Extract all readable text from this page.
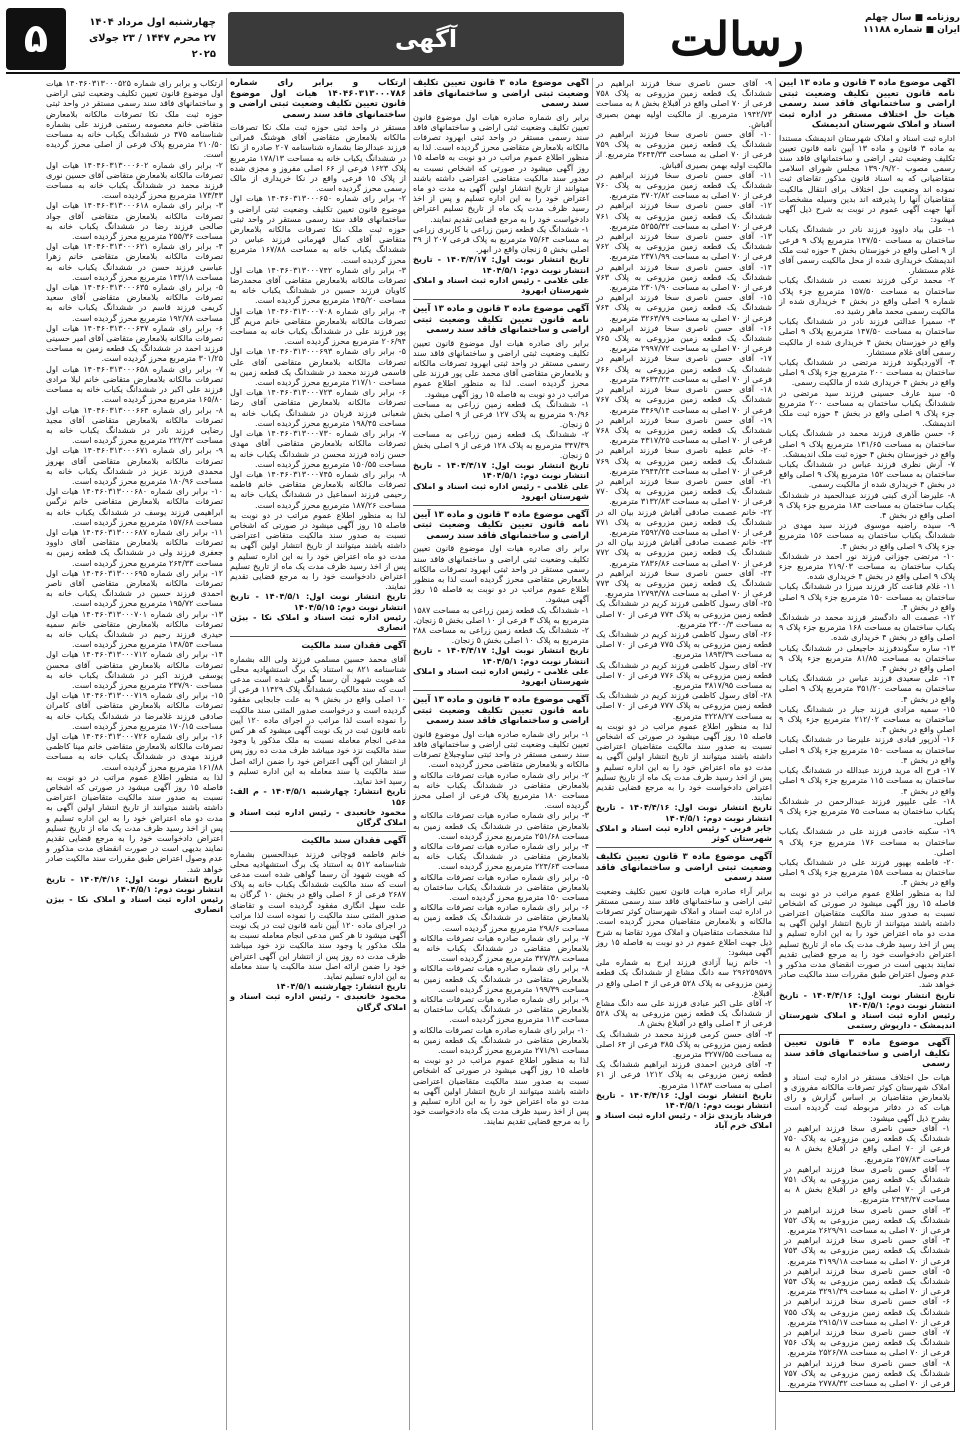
روزنامه ■ سال چهلم
ایران ■ شماره ۱۱۱۸۸
رسالت
آگهی
چهارشنبه اول مرداد ۱۴۰۴
۲۷ محرم ۱۴۴۷ / ۲۳ جولای ۲۰۲۵
۵
آگهی موضوع ماده ۳ قانون و ماده ۱۳ آیین نامه قانون تعیین تکلیف وضعیت ثبتی اراضی و ساختمانهای فاقد سند رسمی هیات حل اختلاف مستقر در اداره ثبت اسناد و املاک شهرستان اندیمشک

اداره ثبت اسناد و املاک شهرستان اندیمشک مستندا به ماده ۳ قانون و ماده ۱۳ آیین نامه قانون تعیین تکلیف وضعیت ثبتی اراضی و ساختمانهای فاقد سند رسمی مصوب ۱۳۹۰/۹/۲۰ مجلس شورای اسلامی متقاضیانی که به اسناد قانون مذکور تقاضای ثبت نموده اند وضعیت حل اختلاف برای انتقال مالکیت متقاضیان آنها را پذیرفته اند بدین وسیله مشخصات آنها جهت آگهی عموم در نوبت به شرح ذیل آگهی میشود:

۱- علی بیاد داوود فرزند نادر در ششدانگ یکباب ساختمان به مساحت ۱۴۷/۵۰ مترمربع پلاک ۹ فرعی از ۹ اصلی واقع در خوزستان بخش ۴ حوزه ثبت ملک اندیمشک خریداری شده از محل مالکیت رسمی آقای غلام مستشار.

۲- محمد ترکی فرزند نعمت در ششدانگ یکباب ساختمان به مساحت ۱۵۷/۵۰ مترمربع جزء پلاک شماره ۹ اصلی واقع در بخش ۴ خریداری شده از مالکیت رسمی محمد ماهر رشید ده.

۳- سمیرا عدالتی فرزند نادر در ششدانگ یکباب ساختمان به مساحت ۱۴۷/۵۰ مترمربع پلاک ۹ اصلی واقع در خوزستان بخش ۴ خریداری شده از مالکیت رسمی آقای غلام مستشار.

۴- آلاوردیگوند فرزند مرتضی در ششدانگ یکباب ساختمان به مساحت ۲۰۰ مترمربع جزء پلاک ۹ اصلی واقع در بخش ۴ خریداری شده از مالکیت رسمی.

۵- سید عارف حسینی فرزند سید مرتضی در ششدانگ یکباب ساختمان به مساحت ۲۰۰ مترمربع جزء پلاک ۹ اصلی واقع در بخش ۴ حوزه ثبت ملک اندیمشک.

۶- حسن طاهری فرزند محمد در ششدانگ یکباب ساختمان به مساحت ۱۳۱/۶۵ مترمربع پلاک ۹ اصلی واقع در خوزستان بخش ۴ حوزه ثبت ملک اندیمشک.

۷- آرش نظری فرزند عباس در ششدانگ یکباب ساختمان به مساحت ۱۵۲ مترمربع پلاک ۹ اصلی واقع در بخش ۴ خریداری شده از مالکیت رسمی.

۸- علیرضا آذری کبنی فرزند عبدالحمید در ششدانگ یکباب ساختمان به مساحت ۱۸۴ مترمربع جزء پلاک ۹ اصلی واقع در بخش ۴.

۹- سیده راضیه موسوی فرزند سید مهدی در ششدانگ یکباب ساختمان به مساحت ۱۵۶ مترمربع جزء پلاک ۹ اصلی واقع در بخش ۴.

۱۰- مرتضی جوزانی فرزند نور احمد در ششدانگ یکباب ساختمان به مساحت ۲۱۹/۰۳ مترمربع جزء پلاک ۹ اصلی واقع در بخش ۴ خریداری شده.

۱۱- غلام قناعت کار فرزند میرزا در ششدانگ یکباب ساختمان به مساحت ۱۵۰ مترمربع جزء پلاک ۹ اصلی واقع در بخش ۴.

۱۲- عصمت اله دادگستر فرزند محمد در ششدانگ یکباب ساختمان به مساحت ۱۶۸ مترمربع جزء پلاک ۹ اصلی واقع در بخش ۴ خریداری شده.

۱۳- ساره سگوندفرزند حاجیعلی در ششدانگ یکباب ساختمان به مساحت ۸۱/۸۵ مترمربع جزء پلاک ۹ اصلی واقع در بخش ۴.

۱۴- علی سعیدی فرزند عباس در ششدانگ یکباب ساختمان به مساحت ۳۵۱/۲۰ مترمربع پلاک ۹ اصلی واقع در بخش ۴.

۱۵- سمیه مرادی فرزند جبار در ششدانگ یکباب ساختمان به مساحت ۲۱۲/۰۲ مترمربع جزء پلاک ۹ اصلی واقع در بخش ۴.

۱۶- آذرپور قبادی فرزند علیرضا در ششدانگ یکباب ساختمان به مساحت ۱۵۰ مترمربع جزء پلاک ۹ اصلی واقع در بخش ۴.

۱۷- فرح اله مرید فرزند عبدالله در ششدانگ یکباب ساختمان به مساحت ۱۱۵ مترمربع جزء پلاک ۹ اصلی واقع در بخش ۴.

۱۸- علی علیپور فرزند عبدالرحمن در ششدانگ یکباب ساختمان به مساحت ۷۵ مترمربع جزء پلاک ۹ اصلی.

۱۹- سکینه خادمی فرزند علی در ششدانگ یکباب ساختمان به مساحت ۱۷۶ مترمربع جزء پلاک ۹ اصلی.

۲۰- فاطمه بهپور فرزند علی در ششدانگ یکباب ساختمان به مساحت ۱۵۸ مترمربع جزء پلاک ۹ اصلی واقع در بخش ۴.

لذا به منظور اطلاع عموم مراتب در دو نوبت به فاصله ۱۵ روز آگهی میشود در صورتی که اشخاص نسبت به صدور سند مالکیت متقاضیان اعتراضی داشته باشند میتوانند از تاریخ انتشار اولین آگهی به مدت دو ماه اعتراض خود را به این اداره تسلیم و پس از اخذ رسید ظرف مدت یک ماه از تاریخ تسلیم اعتراض دادخواست خود را به مرجع قضایی تقدیم نمایند بدیهی است در صورت انقضای مدت مذکور و عدم وصول اعتراض طبق مقررات سند مالکیت صادر خواهد شد.

تاریخ انتشار نوبت اول: ۱۴۰۴/۴/۱۶ - تاریخ انتشار نوبت دوم: ۱۴۰۴/۵/۱

رئیس اداره ثبت اسناد و املاک شهرستان اندیمشک - داریوش رستمی

آگهی موضوع ماده ۳ قانون تعیین تکلیف اراضی و ساختمانهای فاقد سند رسمی

هیات حل اختلاف مستقر در اداره ثبت اسناد و املاک شهرستان کوثر تصرفات مالکانه مفروزی و بلامعارض متقاضیان بر اساس گزارش و رای هیات که در دفاتر مربوطه ثبت گردیده است بشرح ذیل آگهی میشود:

۱- آقای حسن ناصری سخا فرزند ابراهیم در ششدانگ یک قطعه زمین مزروعی به پلاک ۷۵۰ فرعی از ۷۰ اصلی واقع در آقبلاغ بخش ۸ به مساحت ۲۵۷/۸۳ مترمربع.

۲- آقای حسن ناصری سخا فرزند ابراهیم در ششدانگ یک قطعه زمین مزروعی به پلاک ۷۵۱ فرعی از ۷۰ اصلی واقع در آقبلاغ بخش ۸ به مساحت ۲۴۹۳/۴۷ مترمربع.

۳- آقای حسن ناصری سخا فرزند ابراهیم در ششدانگ یک قطعه زمین مزروعی به پلاک ۷۵۲ فرعی از ۷۰ اصلی به مساحت ۲۶۲۹/۹۱ مترمربع.

۴- آقای حسن ناصری سخا فرزند ابراهیم در ششدانگ یک قطعه زمین مزروعی به پلاک ۷۵۳ فرعی از ۷۰ اصلی به مساحت ۴۱۹۹/۱۸ مترمربع.

۵- آقای حسن ناصری سخا فرزند ابراهیم در ششدانگ یک قطعه زمین مزروعی به پلاک ۷۵۴ فرعی از ۷۰ اصلی به مساحت ۳۲۹۱/۳۹ مترمربع.

۶- آقای حسن ناصری سخا فرزند ابراهیم در ششدانگ یک قطعه زمین مزروعی به پلاک ۷۵۵ فرعی از ۷۰ اصلی به مساحت ۲۹۱۵/۱۷ مترمربع.

۷- آقای حسن ناصری سخا فرزند ابراهیم در ششدانگ یک قطعه زمین مزروعی به پلاک ۷۵۶ فرعی از ۷۰ اصلی به مساحت ۲۵۲۶/۷۸ مترمربع.

۸- آقای حسن ناصری سخا فرزند ابراهیم در ششدانگ یک قطعه زمین مزروعی به پلاک ۷۵۷ فرعی از ۷۰ اصلی به مساحت ۲۷۷۸/۳۲ مترمربع.

۹- آقای حسن ناصری سخا فرزند ابراهیم در ششدانگ یک قطعه زمین مزروعی به پلاک ۷۵۸ فرعی از ۷۰ اصلی واقع در آقبلاغ بخش ۸ به مساحت ۱۹۴۲/۷۳ مترمربع. از مالکیت اولیه بهمن بصیری آقباش.

۱۰- آقای حسن ناصری سخا فرزند ابراهیم در ششدانگ یک قطعه زمین مزروعی به پلاک ۷۵۹ فرعی از ۷۰ اصلی به مساحت ۳۶۴۴/۳۳ مترمربع. از مالکیت اولیه بهمن بصیری آقباش.

۱۱- آقای حسن ناصری سخا فرزند ابراهیم در ششدانگ یک قطعه زمین مزروعی به پلاک ۷۶۰ فرعی از ۷۰ اصلی به مساحت ۳۷۰۲/۸۲ مترمربع.

۱۲- آقای حسن ناصری سخا فرزند ابراهیم در ششدانگ یک قطعه زمین مزروعی به پلاک ۷۶۱ فرعی از ۷۰ اصلی به مساحت ۵۲۵۵/۳۲ مترمربع.

۱۳- آقای حسن ناصری سخا فرزند ابراهیم در ششدانگ یک قطعه زمین مزروعی به پلاک ۷۶۲ فرعی از ۷۰ اصلی به مساحت ۲۳۷۱/۹۹ مترمربع.

۱۴- آقای حسن ناصری سخا فرزند ابراهیم در ششدانگ یک قطعه زمین مزروعی به پلاک ۷۶۳ فرعی از ۷۰ اصلی به مساحت ۲۳۰۱/۹۰ مترمربع.

۱۵- آقای حسن ناصری سخا فرزند ابراهیم در ششدانگ یک قطعه زمین مزروعی به پلاک ۷۶۴ فرعی از ۷۰ اصلی به مساحت ۳۲۶۳/۷۹ مترمربع.

۱۶- آقای حسن ناصری سخا فرزند ابراهیم در ششدانگ یک قطعه زمین مزروعی به پلاک ۷۶۵ فرعی از ۷۰ اصلی به مساحت ۲۹۹۷/۷۲ مترمربع.

۱۷- آقای حسن ناصری سخا فرزند ابراهیم در ششدانگ یک قطعه زمین مزروعی به پلاک ۷۶۶ فرعی از ۷۰ اصلی به مساحت ۳۶۳۴/۲۴ مترمربع.

۱۸- آقای حسن ناصری سخا فرزند ابراهیم در ششدانگ یک قطعه زمین مزروعی به پلاک ۷۶۷ فرعی از ۷۰ اصلی به مساحت ۳۴۶۹/۱۴ مترمربع.

۱۹- آقای حسن ناصری سخا فرزند ابراهیم در ششدانگ یک قطعه زمین مزروعی به پلاک ۷۶۸ فرعی از ۷۰ اصلی به مساحت ۴۳۱۷/۲۵ مترمربع.

۲۰- خانم عطیه ناصری سخا فرزند ابراهیم در ششدانگ یک قطعه زمین مزروعی به پلاک ۷۶۹ فرعی از ۷۰ اصلی به مساحت ۲۹۴۴/۲۴ مترمربع.

۲۱- آقای حسن ناصری سخا فرزند ابراهیم در ششدانگ یک قطعه زمین مزروعی به پلاک ۷۷۰ فرعی از ۷۰ اصلی به مساحت ۳۱۳۲/۸۳ مترمربع.

۲۲- خانم عصمت صادقی آقباش فرزند بیان اله در ششدانگ یک قطعه زمین مزروعی به پلاک ۷۷۱ فرعی از ۷۰ اصلی به مساحت ۲۵۹۲/۷۵ مترمربع.

۲۳- خانم عصمت صادقی آقباش فرزند بیان اله در ششدانگ یک قطعه زمین مزروعی به پلاک ۷۷۲ فرعی از ۷۰ اصلی به مساحت ۲۸۳۶/۸۶ مترمربع.

۲۴- آقای حسن ناصری سخا فرزند ابراهیم در ششدانگ یک قطعه زمین مزروعی به پلاک ۷۷۳ فرعی از ۷۰ اصلی به مساحت ۱۲۷۹۳/۷۸ مترمربع.

۲۵- آقای رسول کاظمی فرزند کریم در ششدانگ یک قطعه زمین مزروعی به پلاک ۷۷۴ فرعی از ۷۰ اصلی به مساحت ۲۳۰۰/۳ مترمربع.

۲۶- آقای رسول کاظمی فرزند کریم در ششدانگ یک قطعه زمین مزروعی به پلاک ۷۷۵ فرعی از ۷۰ اصلی به مساحت ۱۸۹۳/۳۹ مترمربع.

۲۷- آقای رسول کاظمی فرزند کریم در ششدانگ یک قطعه زمین مزروعی به پلاک ۷۷۶ فرعی از ۷۰ اصلی به مساحت ۳۸۱۷/۹۵ مترمربع.

۲۸- آقای رسول کاظمی فرزند کریم در ششدانگ یک قطعه زمین مزروعی به پلاک ۷۷۷ فرعی از ۷۰ اصلی به مساحت ۴۲۲۸/۲۷ مترمربع.

لذا به منظور اطلاع عموم مراتب در دو نوبت به فاصله ۱۵ روز آگهی میشود در صورتی که اشخاص نسبت به صدور سند مالکیت متقاضیان اعتراضی داشته باشند میتوانند از تاریخ انتشار اولین آگهی به مدت دو ماه اعتراض خود را به این اداره تسلیم و پس از اخذ رسید ظرف مدت یک ماه از تاریخ تسلیم اعتراض دادخواست خود را به مرجع قضایی تقدیم نمایند.

تاریخ انتشار نوبت اول: ۱۴۰۴/۴/۱۶ - تاریخ انتشار نوبت دوم: ۱۴۰۴/۵/۱

جابر قربی - رئیس اداره ثبت اسناد و املاک شهرستان کوثر

آگهی موضوع ماده ۳ قانون تعیین تکلیف وضعیت ثبتی اراضی و ساختمانهای فاقد سند رسمی

برابر آراء صادره هیات قانون تعیین تکلیف وضعیت ثبتی اراضی و ساختمانهای فاقد سند رسمی مستقر در اداره ثبت اسناد و املاک شهرستان کوثر تصرفات مالکانه و بلامعارض متقاضیان محرز گردیده است. لذا مشخصات متقاضیان و املاک مورد تقاضا به شرح ذیل جهت اطلاع عموم در دو نوبت به فاصله ۱۵ روز آگهی میشود:

۱- خانم زیبا آزادی فرزند ایرج به شماره ملی ۲۹۶۲۵۹۵۷۹ سه دانگ مشاع از ششدانگ یک قطعه زمین مزروعی به پلاک ۵۲۸ فرعی از ۴ اصلی واقع در آقبلاغ.

۲- آقای علی اکبر عبادی فرزند علی سه دانگ مشاع از ششدانگ یک قطعه زمین مزروعی به پلاک ۵۲۸ فرعی از ۴ اصلی واقع در آقبلاغ بخش ۸.

۳- آقای حسن کرمی فرزند محمد در ششدانگ یک قطعه زمین مزروعی به پلاک ۳۸۵ فرعی از ۶۴ اصلی به مساحت ۳۲۷۷/۵۵ مترمربع.

۴- آقای فردین احمدی فرزند ابراهیم ششدانگ یک قطعه زمین مزروعی به پلاک ۱۲۱۲ فرعی از ۶۱ اصلی به مساحت ۱۱۳۸۳ مترمربع.

تاریخ انتشار نوبت اول: ۱۴۰۴/۴/۱۶ - تاریخ انتشار نوبت دوم: ۱۴۰۴/۵/۱

فرشاد بازیدی نژاد - رئیس اداره ثبت اسناد و املاک خرم آباد

آگهی موضوع ماده ۳ قانون تعیین تکلیف وضعیت ثبتی اراضی و ساختمانهای فاقد سند رسمی

برابر رای شماره صادره هیات اول موضوع قانون تعیین تکلیف وضعیت ثبتی اراضی و ساختمانهای فاقد سند رسمی مستقر در واحد ثبتی ابهرود تصرفات مالکانه بلامعارض متقاضی محرز گردیده است. لذا به منظور اطلاع عموم مراتب در دو نوبت به فاصله ۱۵ روز آگهی میشود در صورتی که اشخاص نسبت به صدور سند مالکیت متقاضی اعتراضی داشته باشند میتوانند از تاریخ انتشار اولین آگهی به مدت دو ماه اعتراض خود را به این اداره تسلیم و پس از اخذ رسید ظرف مدت یک ماه از تاریخ تسلیم اعتراض دادخواست خود را به مرجع قضایی تقدیم نمایند.

۱- ششدانگ یک قطعه زمین زراعی با کاربری زراعی به مساحت ۷۵/۶۴ مترمربع به پلاک فرعی ۲۰۷ از ۴۹ اصلی بخش ۵ زنجان واقع در ابهر.

تاریخ انتشار نوبت اول: ۱۴۰۴/۴/۱۷ - تاریخ انتشار نوبت دوم: ۱۴۰۴/۵/۱

علی غلامی - رئیس اداره ثبت اسناد و املاک شهرستان ابهرود

آگهی موضوع ماده ۳ قانون و ماده ۱۳ آیین نامه قانون تعیین تکلیف وضعیت ثبتی اراضی و ساختمانهای فاقد سند رسمی

برابر رای صادره هیات اول موضوع قانون تعیین تکلیف وضعیت ثبتی اراضی و ساختمانهای فاقد سند رسمی مستقر در واحد ثبتی ابهرود تصرفات مالکانه و بلامعارض متقاضی آقای محمد علی پور فرزند علی محرز گردیده است. لذا به منظور اطلاع عموم مراتب در دو نوبت به فاصله ۱۵ روز آگهی میشود.

۱- ششدانگ یک قطعه زمین زراعی به مساحت ۹۰/۹۶ مترمربع به پلاک ۱۲۷ فرعی از ۹ اصلی بخش ۵ زنجان.

۲- ششدانگ یک قطعه زمین زراعی به مساحت ۳۴۷/۳۹ مترمربع به پلاک ۱۲۸ فرعی از ۹ اصلی بخش ۵ زنجان.

تاریخ انتشار نوبت اول: ۱۴۰۴/۴/۱۷ - تاریخ انتشار نوبت دوم: ۱۴۰۴/۵/۱

علی غلامی - رئیس اداره ثبت اسناد و املاک شهرستان ابهرود

آگهی موضوع ماده ۳ قانون و ماده ۱۳ آیین نامه قانون تعیین تکلیف وضعیت ثبتی اراضی و ساختمانهای فاقد سند رسمی

برابر رای صادره هیات اول موضوع قانون تعیین تکلیف وضعیت ثبتی اراضی و ساختمانهای فاقد سند رسمی مستقر در واحد ثبتی ابهرود تصرفات مالکانه بلامعارض متقاضی محرز گردیده است لذا به منظور اطلاع عموم مراتب در دو نوبت به فاصله ۱۵ روز آگهی میشود.

۱- ششدانگ یک قطعه زمین زراعی به مساحت ۱۵۸۷ مترمربع به پلاک ۳ فرعی از ۱۰ اصلی بخش ۵ زنجان.

۲- ششدانگ یک قطعه زمین زراعی به مساحت ۲۸۸ مترمربع به پلاک ۱۰ اصلی بخش ۵ زنجان.

تاریخ انتشار نوبت اول: ۱۴۰۴/۴/۱۷ - تاریخ انتشار نوبت دوم: ۱۴۰۴/۵/۱

علی غلامی - رئیس اداره ثبت اسناد و املاک شهرستان ابهرود

آگهی موضوع ماده ۳ قانون و ماده ۱۳ آیین نامه قانون تعیین تکلیف وضعیت ثبتی اراضی و ساختمانهای فاقد سند رسمی

۱- برابر رای شماره صادره هیات اول موضوع قانون تعیین تکلیف وضعیت ثبتی اراضی و ساختمانهای فاقد سند رسمی مستقر در واحد ثبتی ساوجبلاغ تصرفات مالکانه و بلامعارض متقاضی محرز گردیده است.

۲- برابر رای شماره صادره هیات تصرفات مالکانه و بلامعارض متقاضی در ششدانگ یکباب خانه به مساحت ۱۸۰ مترمربع پلاک فرعی از اصلی محرز گردیده است.

۳- برابر رای شماره صادره هیات تصرفات مالکانه و بلامعارض متقاضی در ششدانگ یک قطعه زمین به مساحت ۲۵۱/۶۸ مترمربع محرز گردیده است.

۴- برابر رای شماره صادره هیات تصرفات مالکانه و بلامعارض متقاضی در ششدانگ یکباب خانه به مساحت ۲۲۴/۶۳ مترمربع محرز گردیده است.

۵- برابر رای شماره صادره هیات تصرفات مالکانه و بلامعارض متقاضی در ششدانگ یکباب ساختمان به مساحت ۱۵۰ مترمربع محرز گردیده است.

۶- برابر رای شماره صادره هیات تصرفات مالکانه و بلامعارض متقاضی در ششدانگ یک قطعه زمین به مساحت ۲۹۸/۶ مترمربع محرز گردیده است.

۷- برابر رای شماره صادره هیات تصرفات مالکانه و بلامعارض متقاضی در ششدانگ یکباب خانه به مساحت ۳۲۷/۳۸ مترمربع محرز گردیده است.

۸- برابر رای شماره صادره هیات تصرفات مالکانه و بلامعارض متقاضی در ششدانگ یک قطعه زمین به مساحت ۱۹۹/۳۹ مترمربع محرز گردیده است.

۹- برابر رای شماره صادره هیات تصرفات مالکانه و بلامعارض متقاضی در ششدانگ یکباب ساختمان به مساحت ۱۱۳ مترمربع محرز گردیده است.

۱۰- برابر رای شماره صادره هیات تصرفات مالکانه و بلامعارض متقاضی در ششدانگ یک قطعه زمین به مساحت ۲۷۱/۹۱ مترمربع محرز گردیده است.

لذا به منظور اطلاع عموم مراتب در دو نوبت به فاصله ۱۵ روز آگهی میشود در صورتی که اشخاص نسبت به صدور سند مالکیت متقاضیان اعتراضی داشته باشند میتوانند از تاریخ انتشار اولین آگهی به مدت دو ماه اعتراض خود را به این اداره تسلیم و پس از اخذ رسید ظرف مدت یک ماه دادخواست خود را به مرجع قضایی تقدیم نمایند.

ارتکاب و برابر رای شماره ۱۴۰۴۶۰۳۱۳۰۰۰۷۸۶ هیات اول موضوع قانون تعیین تکلیف وضعیت ثبتی اراضی و ساختمانهای فاقد سند رسمی

مستقر در واحد ثبتی حوزه ثبت ملک نکا تصرفات مالکانه بلامعارض متقاضی آقای هوشنگ قمرانی فرزند عبدالرضا بشماره شناسنامه ۲۰۷ صادره از نکا در ششدانگ یکباب خانه به مساحت ۱۷۸/۱۳ مترمربع پلاک ۱۶۲۳ فرعی از ۶۶ اصلی مفروز و مجزی شده از پلاک ۱۵ فرعی واقع در نکا خریداری از مالک رسمی محرز گردیده است.

۲- برابر رای شماره ۱۴۰۴۶۰۳۱۳۰۰۰۶۵۰ هیات اول موضوع قانون تعیین تکلیف وضعیت ثبتی اراضی و ساختمانهای فاقد سند رسمی مستقر در واحد ثبتی حوزه ثبت ملک نکا تصرفات مالکانه بلامعارض متقاضی آقای کمال قهرمانی فرزند عباس در ششدانگ یکباب خانه به مساحت ۱۶۷/۸۸ مترمربع محرز گردیده است.

۳- برابر رای شماره ۱۴۰۴۶۰۳۱۳۰۰۰۷۴۲ هیات اول تصرفات مالکانه بلامعارض متقاضی آقای محمدرضا کاویان فرزند حسین در ششدانگ یکباب خانه به مساحت ۱۴۵/۲۰ مترمربع محرز گردیده است.

۴- برابر رای شماره ۱۴۰۴۶۰۳۱۳۰۰۰۷۰۸ هیات اول تصرفات مالکانه بلامعارض متقاضی خانم مریم گل پور فرزند علی در ششدانگ یکباب خانه به مساحت ۲۰۶/۹۴ مترمربع محرز گردیده است.

۵- برابر رای شماره ۱۴۰۴۶۰۳۱۳۰۰۰۶۹۳ هیات اول تصرفات مالکانه بلامعارض متقاضی آقای علی قاسمی فرزند محمد در ششدانگ یک قطعه زمین به مساحت ۲۱۷/۱۰ مترمربع محرز گردیده است.

۶- برابر رای شماره ۱۴۰۴۶۰۳۱۳۰۰۰۷۲۳ هیات اول تصرفات مالکانه بلامعارض متقاضی آقای رضا شعبانی فرزند قربان در ششدانگ یکباب خانه به مساحت ۱۹۸/۴۵ مترمربع محرز گردیده است.

۷- برابر رای شماره ۱۴۰۴۶۰۳۱۳۰۰۰۷۳۰ هیات اول تصرفات مالکانه بلامعارض متقاضی آقای مهدی حسن زاده فرزند محسن در ششدانگ یکباب خانه به مساحت ۱۵۰/۵۵ مترمربع محرز گردیده است.

۸- برابر رای شماره ۱۴۰۴۶۰۳۱۳۰۰۰۷۴۵ هیات اول تصرفات مالکانه بلامعارض متقاضی خانم فاطمه رحیمی فرزند اسماعیل در ششدانگ یکباب خانه به مساحت ۱۸۷/۲۶ مترمربع محرز گردیده است.

لذا به منظور اطلاع عموم مراتب در دو نوبت به فاصله ۱۵ روز آگهی میشود در صورتی که اشخاص نسبت به صدور سند مالکیت متقاضی اعتراضی داشته باشند میتوانند از تاریخ انتشار اولین آگهی به مدت دو ماه اعتراض خود را به این اداره تسلیم و پس از اخذ رسید ظرف مدت یک ماه از تاریخ تسلیم اعتراض دادخواست خود را به مرجع قضایی تقدیم نمایند.

تاریخ انتشار نوبت اول: ۱۴۰۴/۵/۱ - تاریخ انتشار نوبت دوم: ۱۴۰۴/۵/۱۵

رئیس اداره ثبت اسناد و املاک نکا - بیژن انصاری

آگهی فقدان سند مالکیت

آقای محمد حسین مسلمی فرزند ولی الله بشماره شناسنامه ۸۲۱ به استناد یک برگ استشهادیه محلی که هویت شهود آن رسما گواهی شده است مدعی است که سند مالکیت ششدانگ پلاک ۱۱۴۲۹ فرعی از ۱۰ اصلی واقع در بخش ۹ به علت جابجایی مفقود گردیده است و درخواست صدور المثنی سند مالکیت را نموده است لذا مراتب در اجرای ماده ۱۲۰ آیین نامه قانون ثبت در یک نوبت آگهی میشود که هر کس مدعی انجام معامله نسبت به ملک مذکور یا وجود سند مالکیت نزد خود میباشد ظرف مدت ده روز پس از انتشار این آگهی اعتراض خود را ضمن ارائه اصل سند مالکیت یا سند معامله به این اداره تسلیم و رسید اخذ نماید.

تاریخ انتشار: چهارشنبه ۱۴۰۴/۵/۱ - م الف: ۱۵۶

محمود خانعبدی - رئیس اداره ثبت اسناد و املاک گرگان

آگهی فقدان سند مالکیت

خانم فاطمه قوچانی فرزند عبدالحسین بشماره شناسنامه ۵۱۲ به استناد یک برگ استشهادیه محلی که هویت شهود آن رسما گواهی شده است مدعی است که سند مالکیت ششدانگ یکباب خانه به پلاک ۲۶۸۷ فرعی از ۶ اصلی واقع در بخش ۱۰ گرگان به علت سهل انگاری مفقود گردیده است و تقاضای صدور المثنی سند مالکیت را نموده است لذا مراتب در اجرای ماده ۱۲۰ آیین نامه قانون ثبت در یک نوبت آگهی میشود تا هر کس مدعی انجام معامله نسبت به ملک مذکور یا وجود سند مالکیت نزد خود میباشد ظرف مدت ده روز پس از انتشار این آگهی اعتراض خود را ضمن ارائه اصل سند مالکیت یا سند معامله به این اداره تسلیم نماید.

تاریخ انتشار: چهارشنبه ۱۴۰۴/۵/۱

محمود خانعبدی - رئیس اداره ثبت اسناد و املاک گرگان

ارتکاب و برابر رای شماره ۱۴۰۴۶۰۳۱۳۰۰۰۵۲۵ هیات اول موضوع قانون تعیین تکلیف وضعیت ثبتی اراضی و ساختمانهای فاقد سند رسمی مستقر در واحد ثبتی حوزه ثبت ملک نکا تصرفات مالکانه بلامعارض متقاضی خانم معصومه رستمی فرزند علی بشماره شناسنامه ۴۷۵ در ششدانگ یکباب خانه به مساحت ۲۱۰/۵۰ مترمربع پلاک فرعی از اصلی محرز گردیده است.

۲- برابر رای شماره ۱۴۰۴۶۰۳۱۳۰۰۰۶۰۲ هیات اول تصرفات مالکانه بلامعارض متقاضی آقای حسین نوری فرزند محمد در ششدانگ یکباب خانه به مساحت ۱۷۳/۴۳ مترمربع محرز گردیده است.

۳- برابر رای شماره ۱۴۰۴۶۰۳۱۳۰۰۰۶۱۸ هیات اول تصرفات مالکانه بلامعارض متقاضی آقای جواد صالحی فرزند رضا در ششدانگ یکباب خانه به مساحت ۲۵۵/۳۶ مترمربع محرز گردیده است.

۴- برابر رای شماره ۱۴۰۴۶۰۳۱۳۰۰۰۶۲۱ هیات اول تصرفات مالکانه بلامعارض متقاضی خانم زهرا عباسی فرزند حسن در ششدانگ یکباب خانه به مساحت ۱۴۳/۱۸ مترمربع محرز گردیده است.

۵- برابر رای شماره ۱۴۰۴۶۰۳۱۳۰۰۰۶۳۵ هیات اول تصرفات مالکانه بلامعارض متقاضی آقای سعید کریمی فرزند قاسم در ششدانگ یکباب خانه به مساحت ۱۹۲/۷۸ مترمربع محرز گردیده است.

۶- برابر رای شماره ۱۴۰۴۶۰۳۱۳۰۰۰۶۴۷ هیات اول تصرفات مالکانه بلامعارض متقاضی آقای امیر حسینی فرزند احمد در ششدانگ یک قطعه زمین به مساحت ۳۰۱/۲۵ مترمربع محرز گردیده است.

۷- برابر رای شماره ۱۴۰۴۶۰۳۱۳۰۰۰۶۵۸ هیات اول تصرفات مالکانه بلامعارض متقاضی خانم لیلا مرادی فرزند علی اکبر در ششدانگ یکباب خانه به مساحت ۱۶۵/۸۰ مترمربع محرز گردیده است.

۸- برابر رای شماره ۱۴۰۴۶۰۳۱۳۰۰۰۶۶۴ هیات اول تصرفات مالکانه بلامعارض متقاضی آقای مجید رضایی فرزند نادر در ششدانگ یکباب خانه به مساحت ۲۲۲/۴۲ مترمربع محرز گردیده است.

۹- برابر رای شماره ۱۴۰۴۶۰۳۱۳۰۰۰۶۷۱ هیات اول تصرفات مالکانه بلامعارض متقاضی آقای بهروز محمدی فرزند عزیز در ششدانگ یکباب خانه به مساحت ۱۸۰/۹۶ مترمربع محرز گردیده است.

۱۰- برابر رای شماره ۱۴۰۴۶۰۳۱۳۰۰۰۶۸۰ هیات اول تصرفات مالکانه بلامعارض متقاضی خانم نرگس ابراهیمی فرزند یوسف در ششدانگ یکباب خانه به مساحت ۱۵۷/۶۸ مترمربع محرز گردیده است.

۱۱- برابر رای شماره ۱۴۰۴۶۰۳۱۳۰۰۰۶۸۷ هیات اول تصرفات مالکانه بلامعارض متقاضی آقای داوود جعفری فرزند ولی در ششدانگ یک قطعه زمین به مساحت ۲۶۴/۳۳ مترمربع محرز گردیده است.

۱۲- برابر رای شماره ۱۴۰۴۶۰۳۱۳۰۰۰۶۹۵ هیات اول تصرفات مالکانه بلامعارض متقاضی آقای ناصر احمدی فرزند حسین در ششدانگ یکباب خانه به مساحت ۱۹۵/۷۲ مترمربع محرز گردیده است.

۱۳- برابر رای شماره ۱۴۰۴۶۰۳۱۳۰۰۰۷۰۱ هیات اول تصرفات مالکانه بلامعارض متقاضی خانم سمیه حیدری فرزند رحیم در ششدانگ یکباب خانه به مساحت ۱۴۸/۵۴ مترمربع محرز گردیده است.

۱۴- برابر رای شماره ۱۴۰۴۶۰۳۱۳۰۰۰۷۱۲ هیات اول تصرفات مالکانه بلامعارض متقاضی آقای محسن یوسفی فرزند اکبر در ششدانگ یکباب خانه به مساحت ۲۳۷/۹۰ مترمربع محرز گردیده است.

۱۵- برابر رای شماره ۱۴۰۴۶۰۳۱۳۰۰۰۷۱۹ هیات اول تصرفات مالکانه بلامعارض متقاضی آقای کامران صادقی فرزند غلامرضا در ششدانگ یکباب خانه به مساحت ۱۷۰/۱۵ مترمربع محرز گردیده است.

۱۶- برابر رای شماره ۱۴۰۴۶۰۳۱۳۰۰۰۷۲۶ هیات اول تصرفات مالکانه بلامعارض متقاضی خانم مینا کاظمی فرزند مهدی در ششدانگ یکباب خانه به مساحت ۱۶۱/۸۸ مترمربع محرز گردیده است.

لذا به منظور اطلاع عموم مراتب در دو نوبت به فاصله ۱۵ روز آگهی میشود در صورتی که اشخاص نسبت به صدور سند مالکیت متقاضیان اعتراضی داشته باشند میتوانند از تاریخ انتشار اولین آگهی به مدت دو ماه اعتراض خود را به این اداره تسلیم و پس از اخذ رسید ظرف مدت یک ماه از تاریخ تسلیم اعتراض دادخواست خود را به مرجع قضایی تقدیم نمایند بدیهی است در صورت انقضای مدت مذکور و عدم وصول اعتراض طبق مقررات سند مالکیت صادر خواهد شد.

تاریخ انتشار نوبت اول: ۱۴۰۴/۴/۱۶ - تاریخ انتشار نوبت دوم: ۱۴۰۴/۵/۱

رئیس اداره ثبت اسناد و املاک نکا - بیژن انصاری
